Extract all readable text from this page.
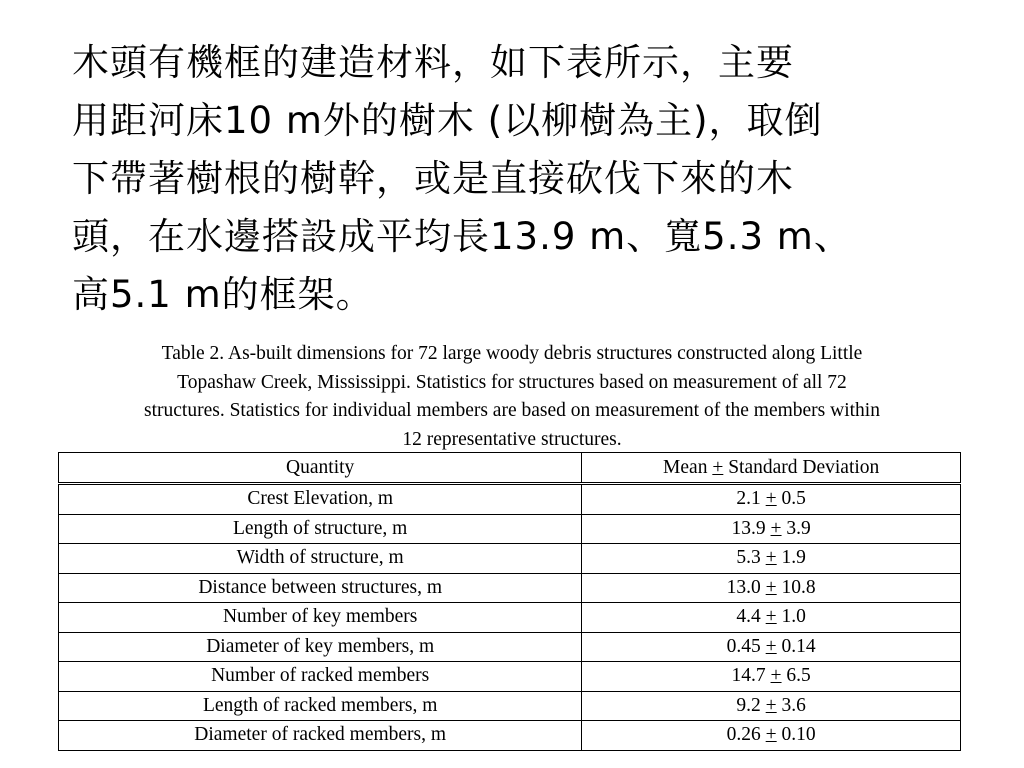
木頭有機框的建造材料，如下表所示，主要
用距河床10 m外的樹木 (以柳樹為主)，取倒
下帶著樹根的樹幹，或是直接砍伐下來的木
頭，在水邊搭設成平均長13.9 m、寬5.3 m、
高5.1 m的框架。

Table 2. As-built dimensions for 72 large woody debris structures constructed along Little
Topashaw Creek, Mississippi. Statistics for structures based on measurement of all 72
structures. Statistics for individual members are based on measurement of the members within
12 representative structures.

Quantity	Mean + Standard Deviation
Crest Elevation, m	2.1 + 0.5
Length of structure, m	13.9 + 3.9
Width of structure, m	5.3 + 1.9
Distance between structures, m	13.0 + 10.8
Number of key members	4.4 + 1.0
Diameter of key members, m	0.45 + 0.14
Number of racked members	14.7 + 6.5
Length of racked members, m	9.2 + 3.6
Diameter of racked members, m	0.26 + 0.10
